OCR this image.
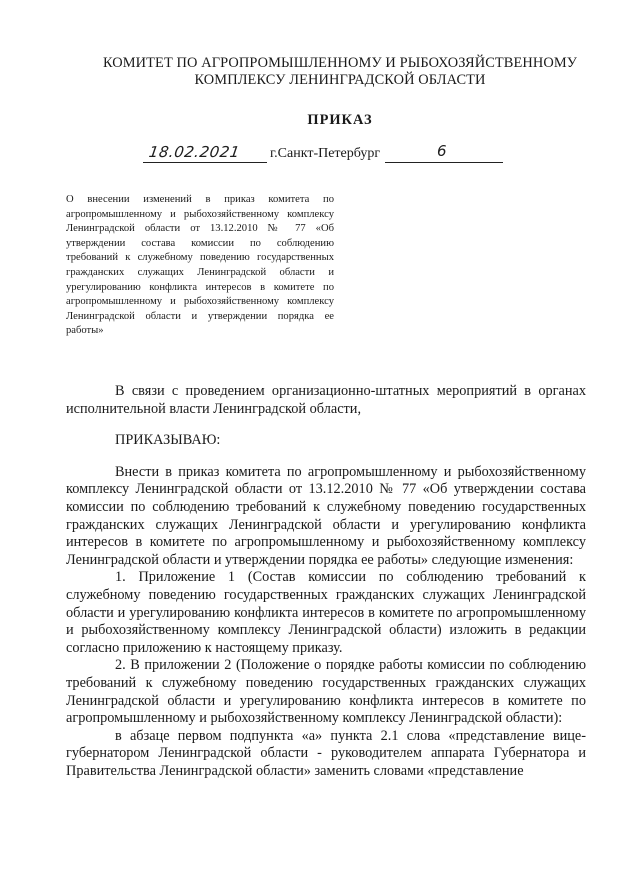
КОМИТЕТ ПО АГРОПРОМЫШЛЕННОМУ И РЫБОХОЗЯЙСТВЕННОМУ
КОМПЛЕКСУ ЛЕНИНГРАДСКОЙ ОБЛАСТИ
ПРИКАЗ
18.02.2021 г.Санкт-Петербург	6
О внесении изменений в приказ комитета по агропромышленному и рыбохозяйственному комплексу Ленинградской области от 13.12.2010 № 77 «Об утверждении состава комиссии по соблюдению требований к служебному поведению государственных гражданских служащих Ленинградской области и урегулированию конфликта интересов в комитете по агропромышленному и рыбохозяйственному комплексу Ленинградской области и утверждении порядка ее работы»

В связи с проведением организационно-штатных мероприятий в органах исполнительной власти Ленинградской области,

ПРИКАЗЫВАЮ:

Внести в приказ комитета по агропромышленному и рыбохозяйственному комплексу Ленинградской области от 13.12.2010 № 77 «Об утверждении состава комиссии по соблюдению требований к служебному поведению государственных гражданских служащих Ленинградской области и урегулированию конфликта интересов в комитете по агропромышленному и рыбохозяйственному комплексу Ленинградской области и утверждении порядка ее работы» следующие изменения:

1. Приложение 1 (Состав комиссии по соблюдению требований к служебному поведению государственных гражданских служащих Ленинградской области и урегулированию конфликта интересов в комитете по агропромышленному и рыбохозяйственному комплексу Ленинградской области) изложить в редакции согласно приложению к настоящему приказу.

2. В приложении 2 (Положение о порядке работы комиссии по соблюдению требований к служебному поведению государственных гражданских служащих Ленинградской области и урегулированию конфликта интересов в комитете по агропромышленному и рыбохозяйственному комплексу Ленинградской области):

в абзаце первом подпункта «а» пункта 2.1 слова «представление вице-губернатором Ленинградской области - руководителем аппарата Губернатора и Правительства Ленинградской области» заменить словами «представление
